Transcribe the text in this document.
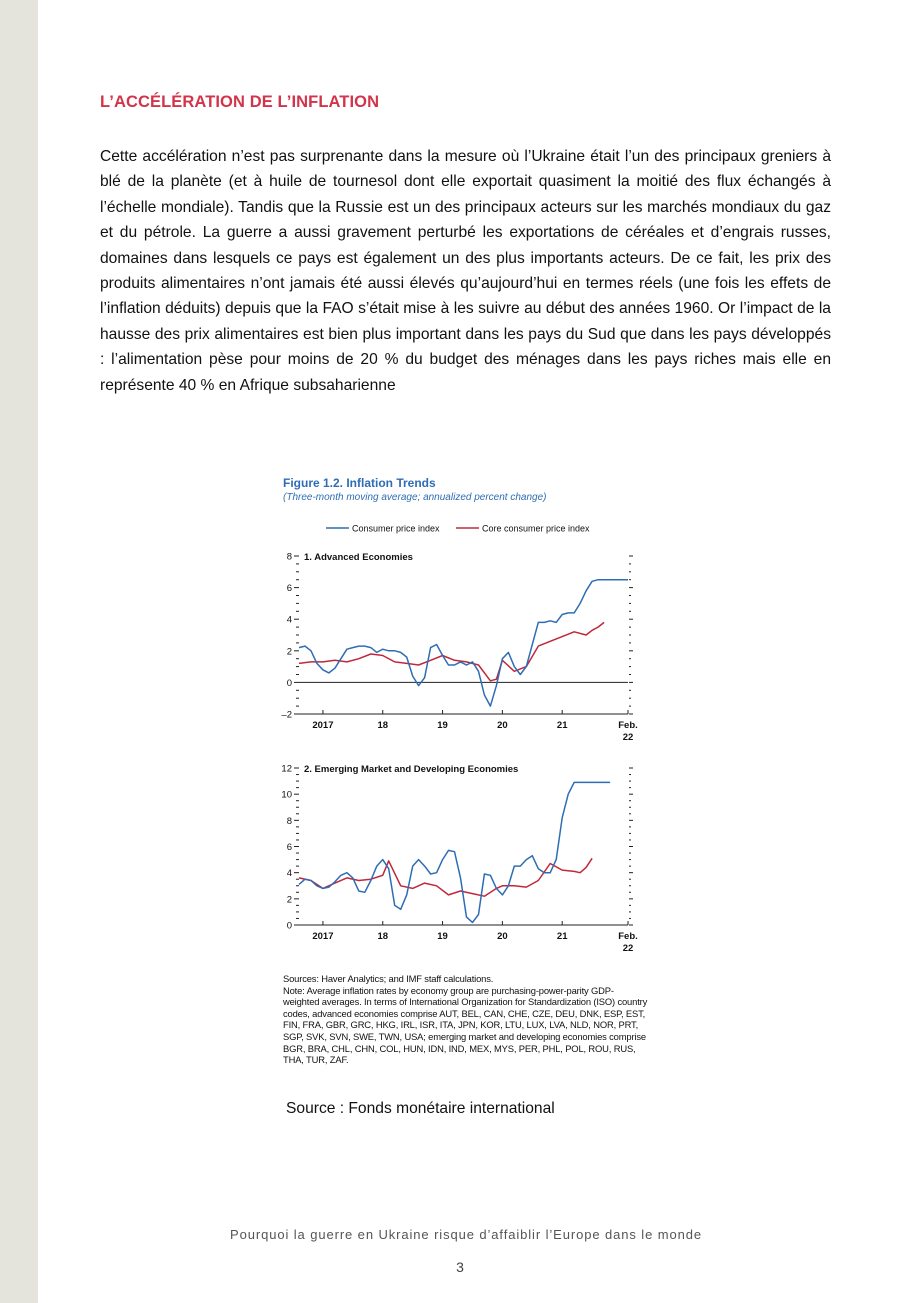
L’ACCÉLÉRATION DE L’INFLATION
Cette accélération n’est pas surprenante dans la mesure où l’Ukraine était l’un des principaux greniers à blé de la planète (et à huile de tournesol dont elle exportait quasiment la moitié des flux échangés à l’échelle mondiale). Tandis que la Russie est un des principaux acteurs sur les marchés mondiaux du gaz et du pétrole. La guerre a aussi gravement perturbé les exportations de céréales et d’engrais russes, domaines dans lesquels ce pays est également un des plus importants acteurs. De ce fait, les prix des produits alimentaires n’ont jamais été aussi élevés qu’aujourd’hui en termes réels (une fois les effets de l’inflation déduits) depuis que la FAO s’était mise à les suivre au début des années 1960. Or l’impact de la hausse des prix alimentaires est bien plus important dans les pays du Sud que dans les pays développés : l’alimentation pèse pour moins de 20 % du budget des ménages dans les pays riches mais elle en représente 40 % en Afrique subsaharienne
Figure 1.2. Inflation Trends
(Three-month moving average; annualized percent change)
Consumer price index	Core consumer price index
–2
0
2
4
6
8 1. Advanced Economies
2017	18	19	20	21	Feb.
22
0
2
4
6
8
10
12 2. Emerging Market and Developing Economies
2017	18	19	20	21	Feb.
22
Sources: Haver Analytics; and IMF staff calculations.
Note: Average inflation rates by economy group are purchasing-power-parity GDP-weighted averages. In terms of International Organization for Standardization (ISO) country codes, advanced economies comprise AUT, BEL, CAN, CHE, CZE, DEU, DNK, ESP, EST, FIN, FRA, GBR, GRC, HKG, IRL, ISR, ITA, JPN, KOR, LTU, LUX, LVA, NLD, NOR, PRT, SGP, SVK, SVN, SWE, TWN, USA; emerging market and developing economies comprise BGR, BRA, CHL, CHN, COL, HUN, IDN, IND, MEX, MYS, PER, PHL, POL, ROU, RUS, THA, TUR, ZAF.
Source : Fonds monétaire international
Pourquoi la guerre en Ukraine risque d’affaiblir l’Europe dans le monde
3
